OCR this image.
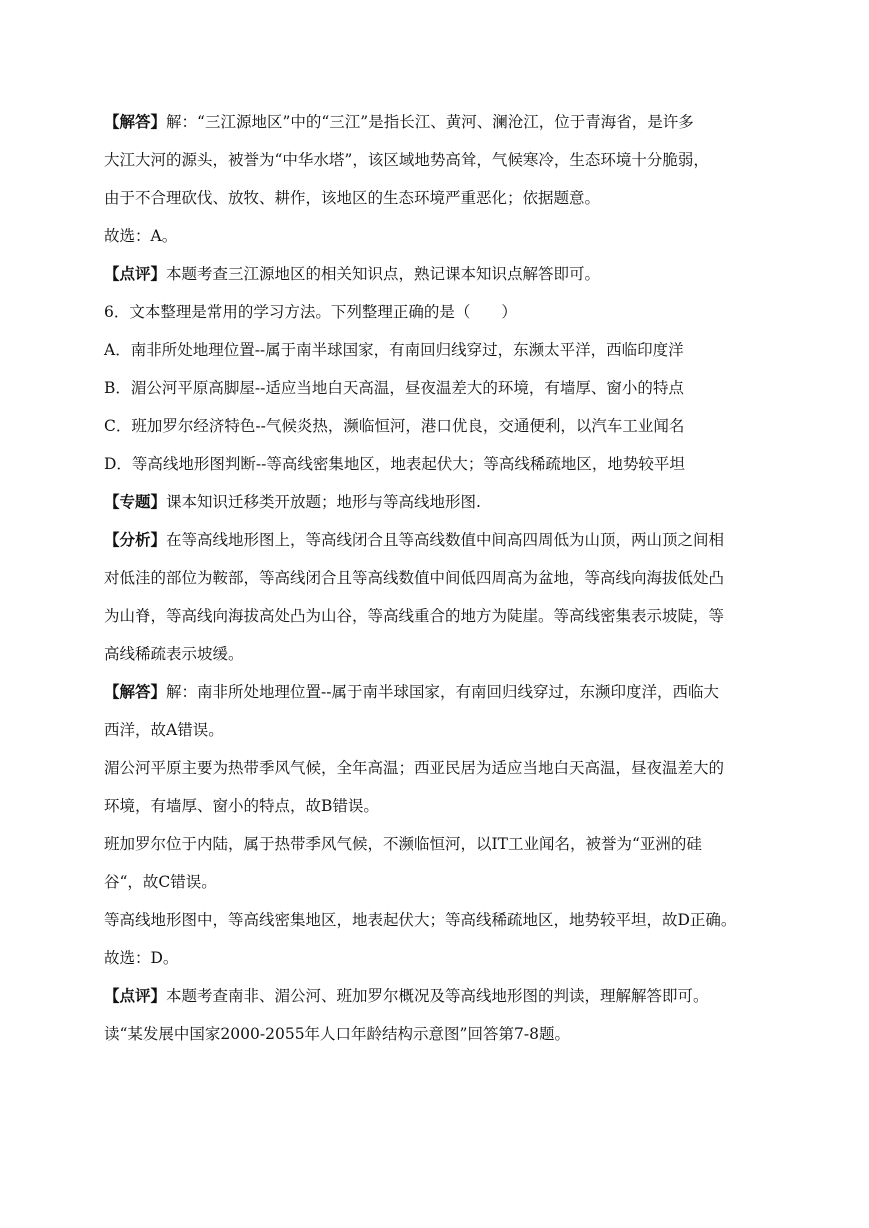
【解答】解：“三江源地区”中的“三江”是指长江、黄河、澜沧江，位于青海省，是许多
大江大河的源头，被誉为“中华水塔”，该区域地势高耸，气候寒冷，生态环境十分脆弱，
由于不合理砍伐、放牧、耕作，该地区的生态环境严重恶化；依据题意。
故选：A。
【点评】本题考查三江源地区的相关知识点，熟记课本知识点解答即可。
6．文本整理是常用的学习方法。下列整理正确的是（　　）
A．南非所处地理位置--属于南半球国家，有南回归线穿过，东濒太平洋，西临印度洋
B．湄公河平原高脚屋--适应当地白天高温，昼夜温差大的环境，有墙厚、窗小的特点
C．班加罗尔经济特色--气候炎热，濒临恒河，港口优良，交通便利，以汽车工业闻名
D．等高线地形图判断--等高线密集地区，地表起伏大；等高线稀疏地区，地势较平坦
【专题】课本知识迁移类开放题；地形与等高线地形图.
【分析】在等高线地形图上，等高线闭合且等高线数值中间高四周低为山顶，两山顶之间相
对低洼的部位为鞍部，等高线闭合且等高线数值中间低四周高为盆地，等高线向海拔低处凸
为山脊，等高线向海拔高处凸为山谷，等高线重合的地方为陡崖。等高线密集表示坡陡，等
高线稀疏表示坡缓。
【解答】解：南非所处地理位置--属于南半球国家，有南回归线穿过，东濒印度洋，西临大
西洋，故A错误。
湄公河平原主要为热带季风气候，全年高温；西亚民居为适应当地白天高温，昼夜温差大的
环境，有墙厚、窗小的特点，故B错误。
班加罗尔位于内陆，属于热带季风气候，不濒临恒河，以IT工业闻名，被誉为“亚洲的硅
谷“，故C错误。
等高线地形图中，等高线密集地区，地表起伏大；等高线稀疏地区，地势较平坦，故D正确。
故选：D。
【点评】本题考查南非、湄公河、班加罗尔概况及等高线地形图的判读，理解解答即可。
读“某发展中国家2000-2055年人口年龄结构示意图”回答第7-8题。
